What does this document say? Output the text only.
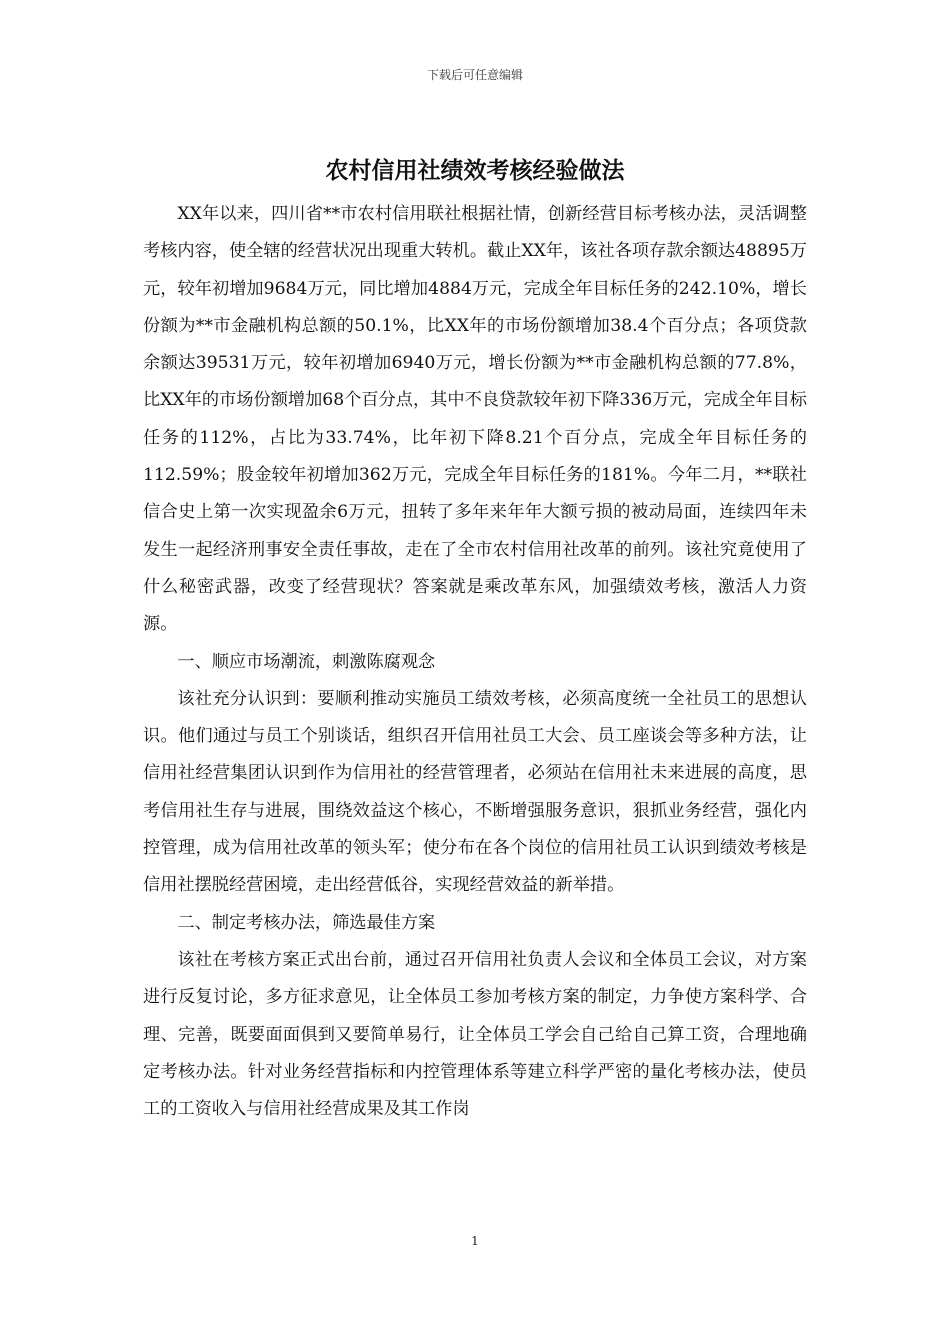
下载后可任意编辑
农村信用社绩效考核经验做法

XX年以来，四川省**市农村信用联社根据社情，创新经营目标考核办法，灵活调整考核内容，使全辖的经营状况出现重大转机。截止XX年，该社各项存款余额达48895万元，较年初增加9684万元，同比增加4884万元，完成全年目标任务的242.10%，增长份额为**市金融机构总额的50.1%，比XX年的市场份额增加38.4个百分点；各项贷款余额达39531万元，较年初增加6940万元，增长份额为**市金融机构总额的77.8%，比XX年的市场份额增加68个百分点，其中不良贷款较年初下降336万元，完成全年目标任务的112%，占比为33.74%，比年初下降8.21个百分点，完成全年目标任务的112.59%；股金较年初增加362万元，完成全年目标任务的181%。今年二月，**联社信合史上第一次实现盈余6万元，扭转了多年来年年大额亏损的被动局面，连续四年未发生一起经济刑事安全责任事故，走在了全市农村信用社改革的前列。该社究竟使用了什么秘密武器，改变了经营现状？答案就是乘改革东风，加强绩效考核，激活人力资源。

一、顺应市场潮流，刺激陈腐观念

该社充分认识到：要顺利推动实施员工绩效考核，必须高度统一全社员工的思想认识。他们通过与员工个别谈话，组织召开信用社员工大会、员工座谈会等多种方法，让信用社经营集团认识到作为信用社的经营管理者，必须站在信用社未来进展的高度，思考信用社生存与进展，围绕效益这个核心，不断增强服务意识，狠抓业务经营，强化内控管理，成为信用社改革的领头军；使分布在各个岗位的信用社员工认识到绩效考核是信用社摆脱经营困境，走出经营低谷，实现经营效益的新举措。

二、制定考核办法，筛选最佳方案

该社在考核方案正式出台前，通过召开信用社负责人会议和全体员工会议，对方案进行反复讨论，多方征求意见，让全体员工参加考核方案的制定，力争使方案科学、合理、完善，既要面面俱到又要简单易行，让全体员工学会自己给自己算工资，合理地确定考核办法。针对业务经营指标和内控管理体系等建立科学严密的量化考核办法，使员工的工资收入与信用社经营成果及其工作岗

1
